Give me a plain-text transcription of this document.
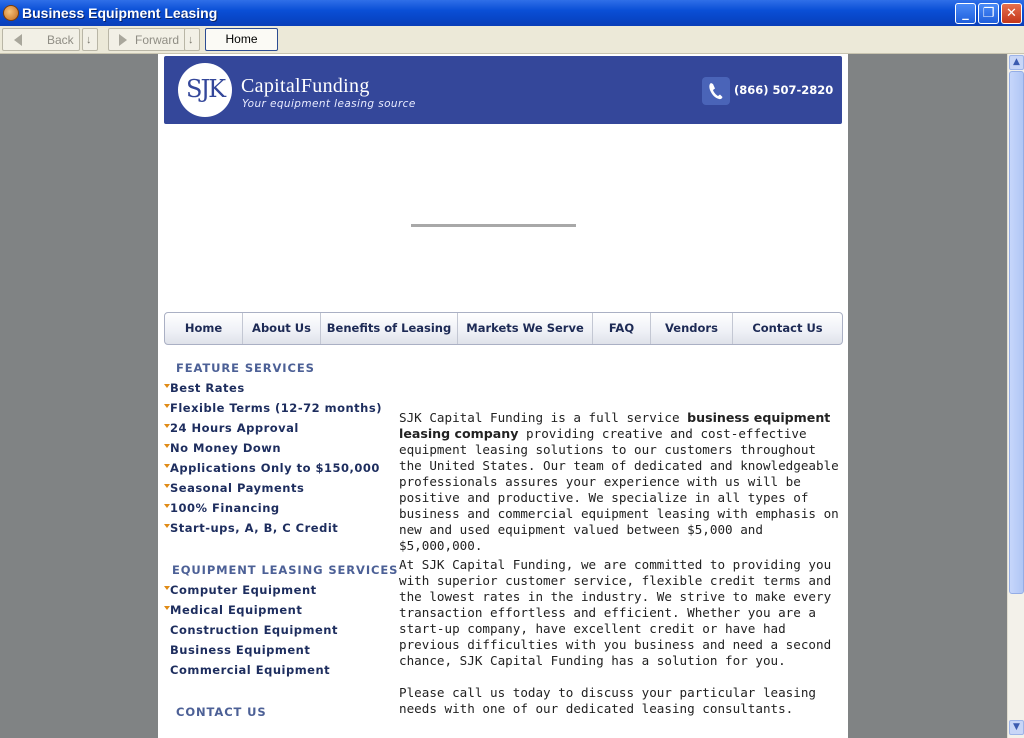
Business Equipment Leasing	_	❐ ✕
Back ↓	Forward ↓	Home
SJK CapitalFunding
Your equipment leasing source
(866) 507-2820
Home	About Us	Benefits of Leasing	Markets We Serve	FAQ	Vendors	Contact Us
FEATURE SERVICES
Best Rates
Flexible Terms (12-72 months)
24 Hours Approval
No Money Down
Applications Only to $150,000
Seasonal Payments
100% Financing
Start-ups, A, B, C Credit
EQUIPMENT LEASING SERVICES
Computer Equipment
Medical Equipment
Construction Equipment
Business Equipment
Commercial Equipment
CONTACT US
SJK Capital Funding is a full service business equipment leasing company providing creative and cost-effective equipment leasing solutions to our customers throughout the United States. Our team of dedicated and knowledgeable professionals assures your experience with us will be positive and productive. We specialize in all types of business and commercial equipment leasing with emphasis on new and used equipment valued between $5,000 and $5,000,000.
At SJK Capital Funding, we are committed to providing you with superior customer service, flexible credit terms and the lowest rates in the industry. We strive to make every transaction effortless and efficient. Whether you are a start-up company, have excellent credit or have had previous difficulties with you business and need a second chance, SJK Capital Funding has a solution for you.
Please call us today to discuss your particular leasing needs with one of our dedicated leasing consultants.
▲
▼
